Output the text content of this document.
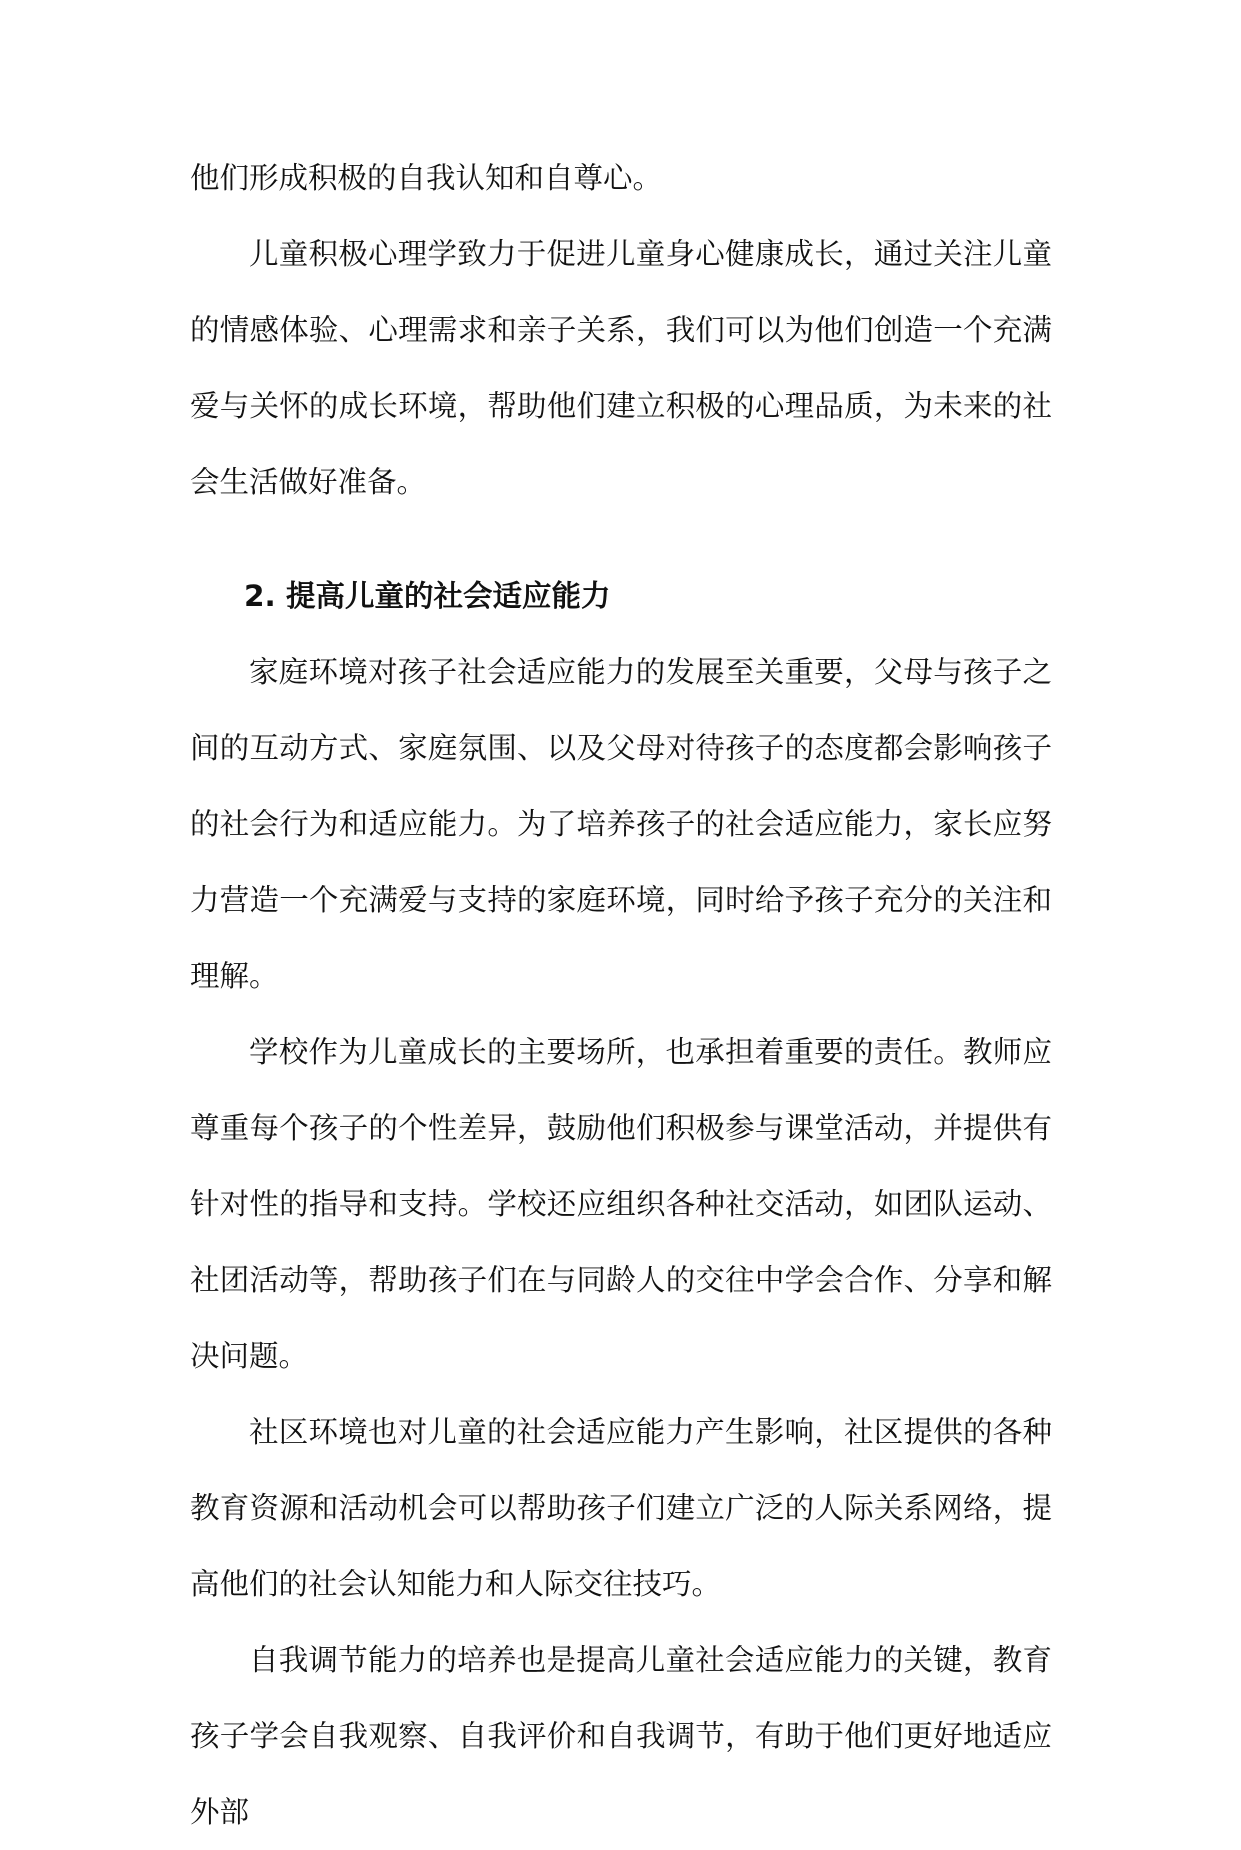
他们形成积极的自我认知和自尊心。

儿童积极心理学致力于促进儿童身心健康成长，通过关注儿童的情感体验、心理需求和亲子关系，我们可以为他们创造一个充满爱与关怀的成长环境，帮助他们建立积极的心理品质，为未来的社会生活做好准备。

2. 提高儿童的社会适应能力

家庭环境对孩子社会适应能力的发展至关重要，父母与孩子之间的互动方式、家庭氛围、以及父母对待孩子的态度都会影响孩子的社会行为和适应能力。为了培养孩子的社会适应能力，家长应努力营造一个充满爱与支持的家庭环境，同时给予孩子充分的关注和理解。

学校作为儿童成长的主要场所，也承担着重要的责任。教师应尊重每个孩子的个性差异，鼓励他们积极参与课堂活动，并提供有针对性的指导和支持。学校还应组织各种社交活动，如团队运动、社团活动等，帮助孩子们在与同龄人的交往中学会合作、分享和解决问题。

社区环境也对儿童的社会适应能力产生影响，社区提供的各种教育资源和活动机会可以帮助孩子们建立广泛的人际关系网络，提高他们的社会认知能力和人际交往技巧。

自我调节能力的培养也是提高儿童社会适应能力的关键，教育孩子学会自我观察、自我评价和自我调节，有助于他们更好地适应外部
